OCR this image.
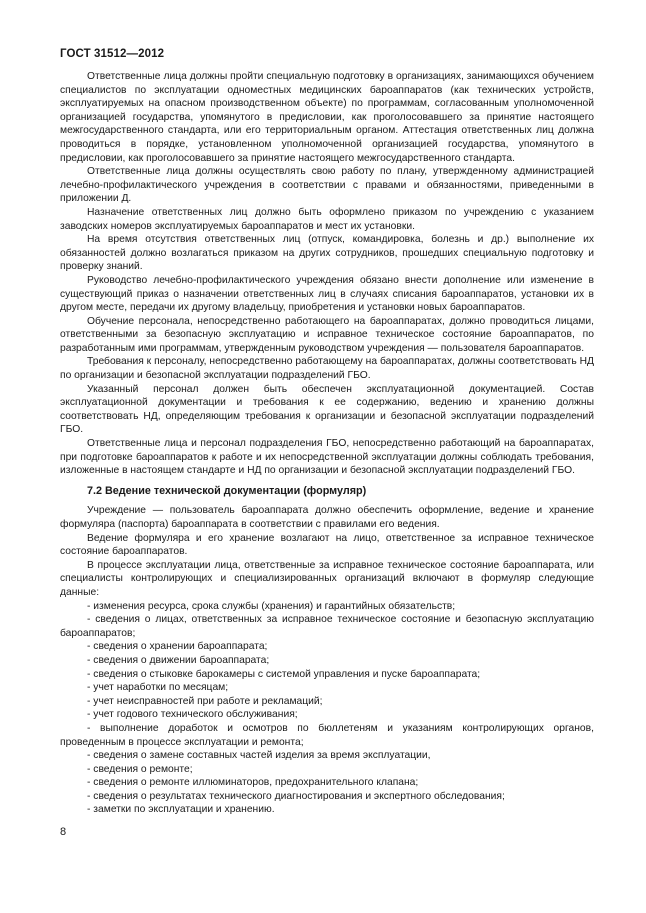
ГОСТ 31512—2012

Ответственные лица должны пройти специальную подготовку в организациях, занимающихся обучением специалистов по эксплуатации одноместных медицинских бароаппаратов (как технических устройств, эксплуатируемых на опасном производственном объекте) по программам, согласованным уполномоченной организацией государства, упомянутого в предисловии, как проголосовавшего за принятие настоящего межгосударственного стандарта, или его территориальным органом. Аттестация ответственных лиц должна проводиться в порядке, установленном уполномоченной организацией государства, упомянутого в предисловии, как проголосовавшего за принятие настоящего межгосударственного стандарта.

Ответственные лица должны осуществлять свою работу по плану, утвержденному администрацией лечебно-профилактического учреждения в соответствии с правами и обязанностями, приведенными в приложении Д.

Назначение ответственных лиц должно быть оформлено приказом по учреждению с указанием заводских номеров эксплуатируемых бароаппаратов и мест их установки.

На время отсутствия ответственных лиц (отпуск, командировка, болезнь и др.) выполнение их обязанностей должно возлагаться приказом на других сотрудников, прошедших специальную подготовку и проверку знаний.

Руководство лечебно-профилактического учреждения обязано внести дополнение или изменение в существующий приказ о назначении ответственных лиц в случаях списания бароаппаратов, установки их в другом месте, передачи их другому владельцу, приобретения и установки новых бароаппаратов.

Обучение персонала, непосредственно работающего на бароаппаратах, должно проводиться лицами, ответственными за безопасную эксплуатацию и исправное техническое состояние бароаппаратов, по разработанным ими программам, утвержденным руководством учреждения — пользователя бароаппаратов.

Требования к персоналу, непосредственно работающему на бароаппаратах, должны соответствовать НД по организации и безопасной эксплуатации подразделений ГБО.

Указанный персонал должен быть обеспечен эксплуатационной документацией. Состав эксплуатационной документации и требования к ее содержанию, ведению и хранению должны соответствовать НД, определяющим требования к организации и безопасной эксплуатации подразделений ГБО.

Ответственные лица и персонал подразделения ГБО, непосредственно работающий на бароаппаратах, при подготовке бароаппаратов к работе и их непосредственной эксплуатации должны соблюдать требования, изложенные в настоящем стандарте и НД по организации и безопасной эксплуатации подразделений ГБО.

7.2 Ведение технической документации (формуляр)

Учреждение — пользователь бароаппарата должно обеспечить оформление, ведение и хранение формуляра (паспорта) бароаппарата в соответствии с правилами его ведения.

Ведение формуляра и его хранение возлагают на лицо, ответственное за исправное техническое состояние бароаппаратов.

В процессе эксплуатации лица, ответственные за исправное техническое состояние бароаппарата, или специалисты контролирующих и специализированных организаций включают в формуляр следующие данные:

- изменения ресурса, срока службы (хранения) и гарантийных обязательств;

- сведения о лицах, ответственных за исправное техническое состояние и безопасную эксплуатацию бароаппаратов;

- сведения о хранении бароаппарата;

- сведения о движении бароаппарата;

- сведения о стыковке барокамеры с системой управления и пуске бароаппарата;

- учет наработки по месяцам;

- учет неисправностей при работе и рекламаций;

- учет годового технического обслуживания;

- выполнение доработок и осмотров по бюллетеням и указаниям контролирующих органов, проведенным в процессе эксплуатации и ремонта;

- сведения о замене составных частей изделия за время эксплуатации,

- сведения о ремонте;

- сведения о ремонте иллюминаторов, предохранительного клапана;

- сведения о результатах технического диагностирования и экспертного обследования;

- заметки по эксплуатации и хранению.

8
